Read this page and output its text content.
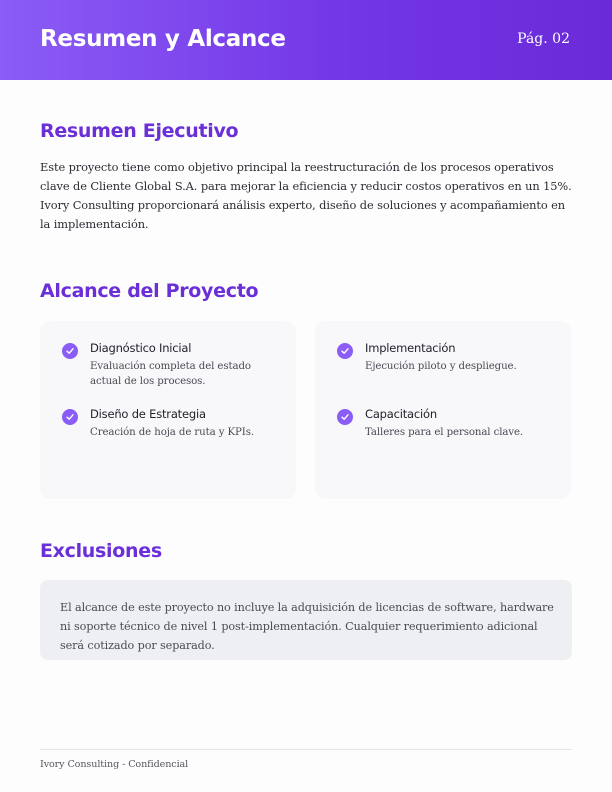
Resumen y Alcance	Pág. 02
Resumen Ejecutivo
Este proyecto tiene como objetivo principal la reestructuración de los procesos operativos clave de Cliente Global S.A. para mejorar la eficiencia y reducir costos operativos en un 15%. Ivory Consulting proporcionará análisis experto, diseño de soluciones y acompañamiento en la implementación.
Alcance del Proyecto
Diagnóstico Inicial
Evaluación completa del estado actual de los procesos.
Diseño de Estrategia
Creación de hoja de ruta y KPIs.
Implementación
Ejecución piloto y despliegue.
Capacitación
Talleres para el personal clave.
Exclusiones
El alcance de este proyecto no incluye la adquisición de licencias de software, hardware ni soporte técnico de nivel 1 post-implementación. Cualquier requerimiento adicional será cotizado por separado.
Ivory Consulting - Confidencial
